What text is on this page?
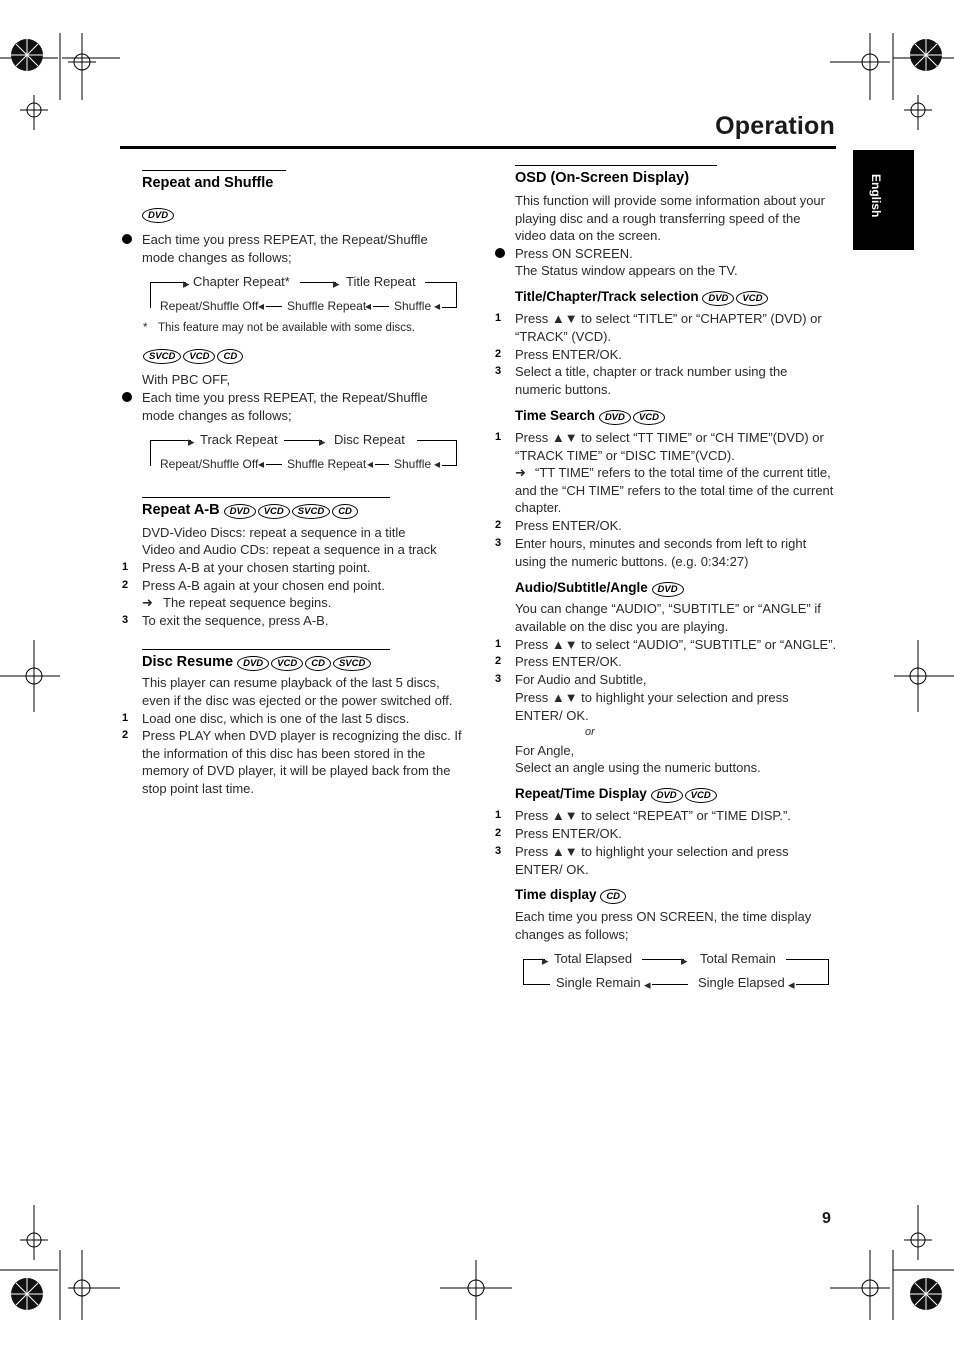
Operation
English
Repeat and Shuffle
DVD
Each time you press REPEAT, the Repeat/Shuffle mode changes as follows;
▸ Chapter Repeat*	▸ Title Repeat
Repeat/Shuffle Off ◂ Shuffle Repeat
◂ Shuffle ◂
* This feature may not be available with some discs.
SVCD VCD CD
With PBC OFF,
Each time you press REPEAT, the Repeat/Shuffle mode changes as follows;
▸ Track Repeat	▸ Disc Repeat
Repeat/Shuffle Off ◂ Shuffle Repeat ◂ Shuffle ◂
Repeat A-B DVD VCD SVCD CD
DVD-Video Discs: repeat a sequence in a title
Video and Audio CDs: repeat a sequence in a track
1 Press A-B at your chosen starting point.
2 Press A-B again at your chosen end point.
➜ The repeat sequence begins.
3 To exit the sequence, press A-B.
Disc Resume DVD VCD CD SVCD
This player can resume playback of the last 5 discs, even if the disc was ejected or the power switched off.
1 Load one disc, which is one of the last 5 discs.
2 Press PLAY when DVD player is recognizing the disc. If the information of this disc has been stored in the memory of DVD player, it will be played back from the stop point last time.
OSD (On-Screen Display)
This function will provide some information about your playing disc and a rough transferring speed of the video data on the screen.
Press ON SCREEN.
The Status window appears on the TV.
Title/Chapter/Track selection DVD VCD
1 Press ▲▼ to select “TITLE” or “CHAPTER” (DVD) or “TRACK” (VCD).
2 Press ENTER/OK.
3 Select a title, chapter or track number using the numeric buttons.
Time Search DVD VCD
1 Press ▲▼ to select “TT TIME” or “CH TIME”(DVD) or “TRACK TIME” or “DISC TIME”(VCD).
➜ “TT TIME” refers to the total time of the current title, and the “CH TIME” refers to the total time of the current chapter.
2 Press ENTER/OK.
3 Enter hours, minutes and seconds from left to right using the numeric buttons. (e.g. 0:34:27)
Audio/Subtitle/Angle DVD
You can change “AUDIO”, “SUBTITLE” or “ANGLE” if available on the disc you are playing.
1 Press ▲▼ to select “AUDIO”, “SUBTITLE” or “ANGLE”.
2 Press ENTER/OK.
3 For Audio and Subtitle,
Press ▲▼ to highlight your selection and press ENTER/ OK.
or
For Angle,
Select an angle using the numeric buttons.
Repeat/Time Display DVD VCD
1 Press ▲▼ to select “REPEAT” or “TIME DISP.”.
2 Press ENTER/OK.
3 Press ▲▼ to highlight your selection and press ENTER/ OK.
Time display CD
Each time you press ON SCREEN, the time display changes as follows;
▸ Total Elapsed	▸ Total Remain
Single Remain ◂	Single Elapsed ◂
9
